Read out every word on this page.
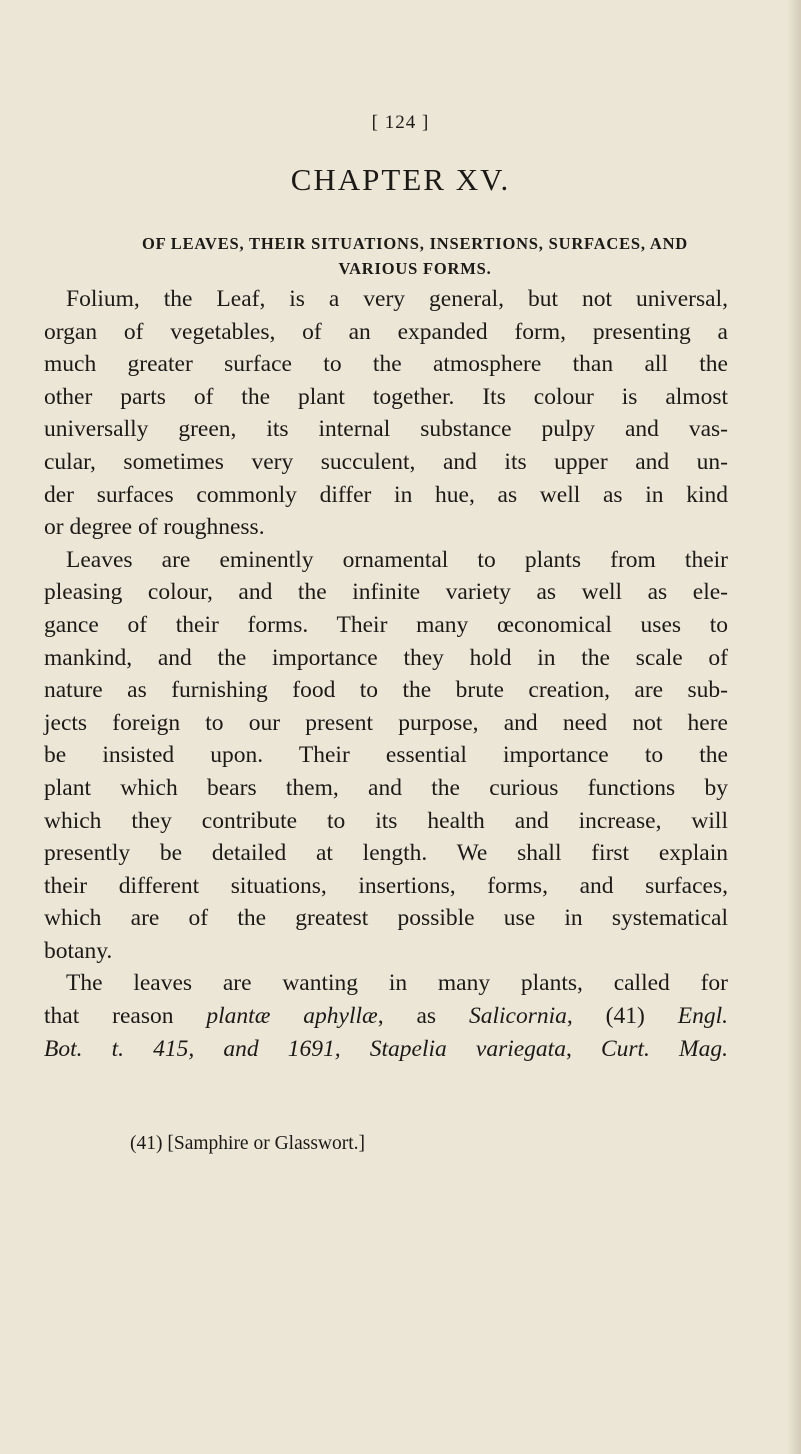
[ 124 ]
CHAPTER XV.
OF LEAVES, THEIR SITUATIONS, INSERTIONS, SURFACES, AND
VARIOUS FORMS.
Folium, the Leaf, is a very general, but not universal,
organ of vegetables, of an expanded form, presenting a
much greater surface to the atmosphere than all the
other parts of the plant together. Its colour is almost
universally green, its internal substance pulpy and vas-
cular, sometimes very succulent, and its upper and un-
der surfaces commonly differ in hue, as well as in kind
or degree of roughness.
Leaves are eminently ornamental to plants from their
pleasing colour, and the infinite variety as well as ele-
gance of their forms. Their many œconomical uses to
mankind, and the importance they hold in the scale of
nature as furnishing food to the brute creation, are sub-
jects foreign to our present purpose, and need not here
be insisted upon. Their essential importance to the
plant which bears them, and the curious functions by
which they contribute to its health and increase, will
presently be detailed at length. We shall first explain
their different situations, insertions, forms, and surfaces,
which are of the greatest possible use in systematical
botany.
The leaves are wanting in many plants, called for
that reason plantæ aphyllæ, as Salicornia, (41) Engl.
Bot. t. 415, and 1691, Stapelia variegata, Curt. Mag.
(41) [Samphire or Glasswort.]
